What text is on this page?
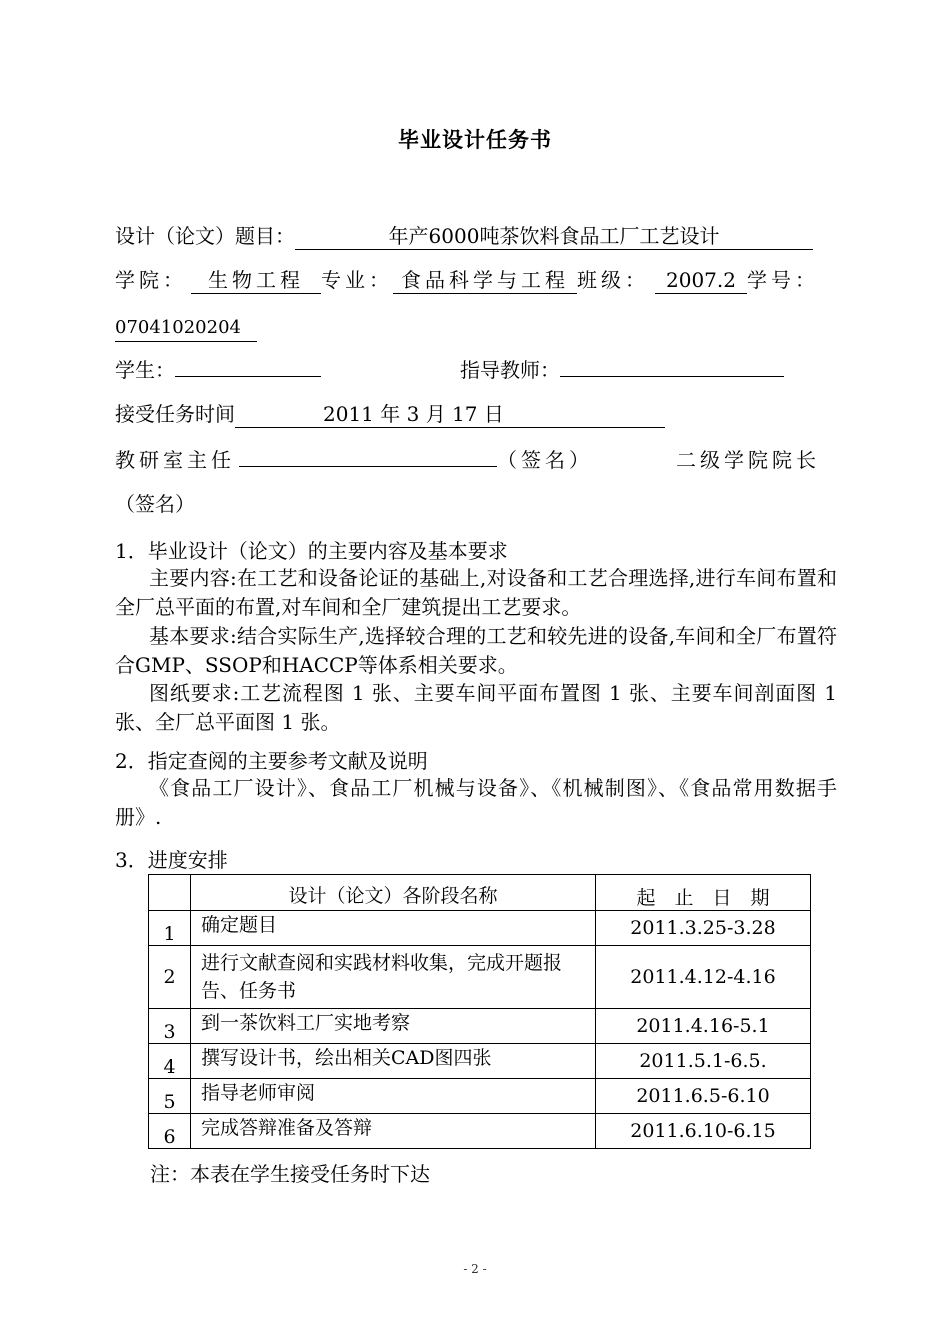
毕业设计任务书
设计（论文）题目：	年产6000吨茶饮料食品工厂工艺设计
学院： 生物工程 专业： 食品科学与工程 班级： 2007.2 学号：
07041020204
学生：	指导教师：
接受任务时间	2011 年 3 月 17 日
教研室主任	（签名）	二级学院院长
（签名）
1．毕业设计（论文）的主要内容及基本要求
主要内容:在工艺和设备论证的基础上,对设备和工艺合理选择,进行车间布置和全厂总平面的布置,对车间和全厂建筑提出工艺要求。
基本要求:结合实际生产,选择较合理的工艺和较先进的设备,车间和全厂布置符合GMP、SSOP和HACCP等体系相关要求。
图纸要求:工艺流程图 1 张、主要车间平面布置图 1 张、主要车间剖面图 1 张、全厂总平面图 1 张。
2．指定查阅的主要参考文献及说明
《食品工厂设计》、食品工厂机械与设备》、《机械制图》、《食品常用数据手册》.
3．进度安排
	设计（论文）各阶段名称	起　止　日　期
1	确定题目	2011.3.25-3.28
2	进行文献查阅和实践材料收集，完成开题报告、任务书	2011.4.12-4.16
3	到一茶饮料工厂实地考察	2011.4.16-5.1
4	撰写设计书，绘出相关CAD图四张	2011.5.1-6.5.
5	指导老师审阅	2011.6.5-6.10
6	完成答辩准备及答辩	2011.6.10-6.15
注：本表在学生接受任务时下达
- 2 -
